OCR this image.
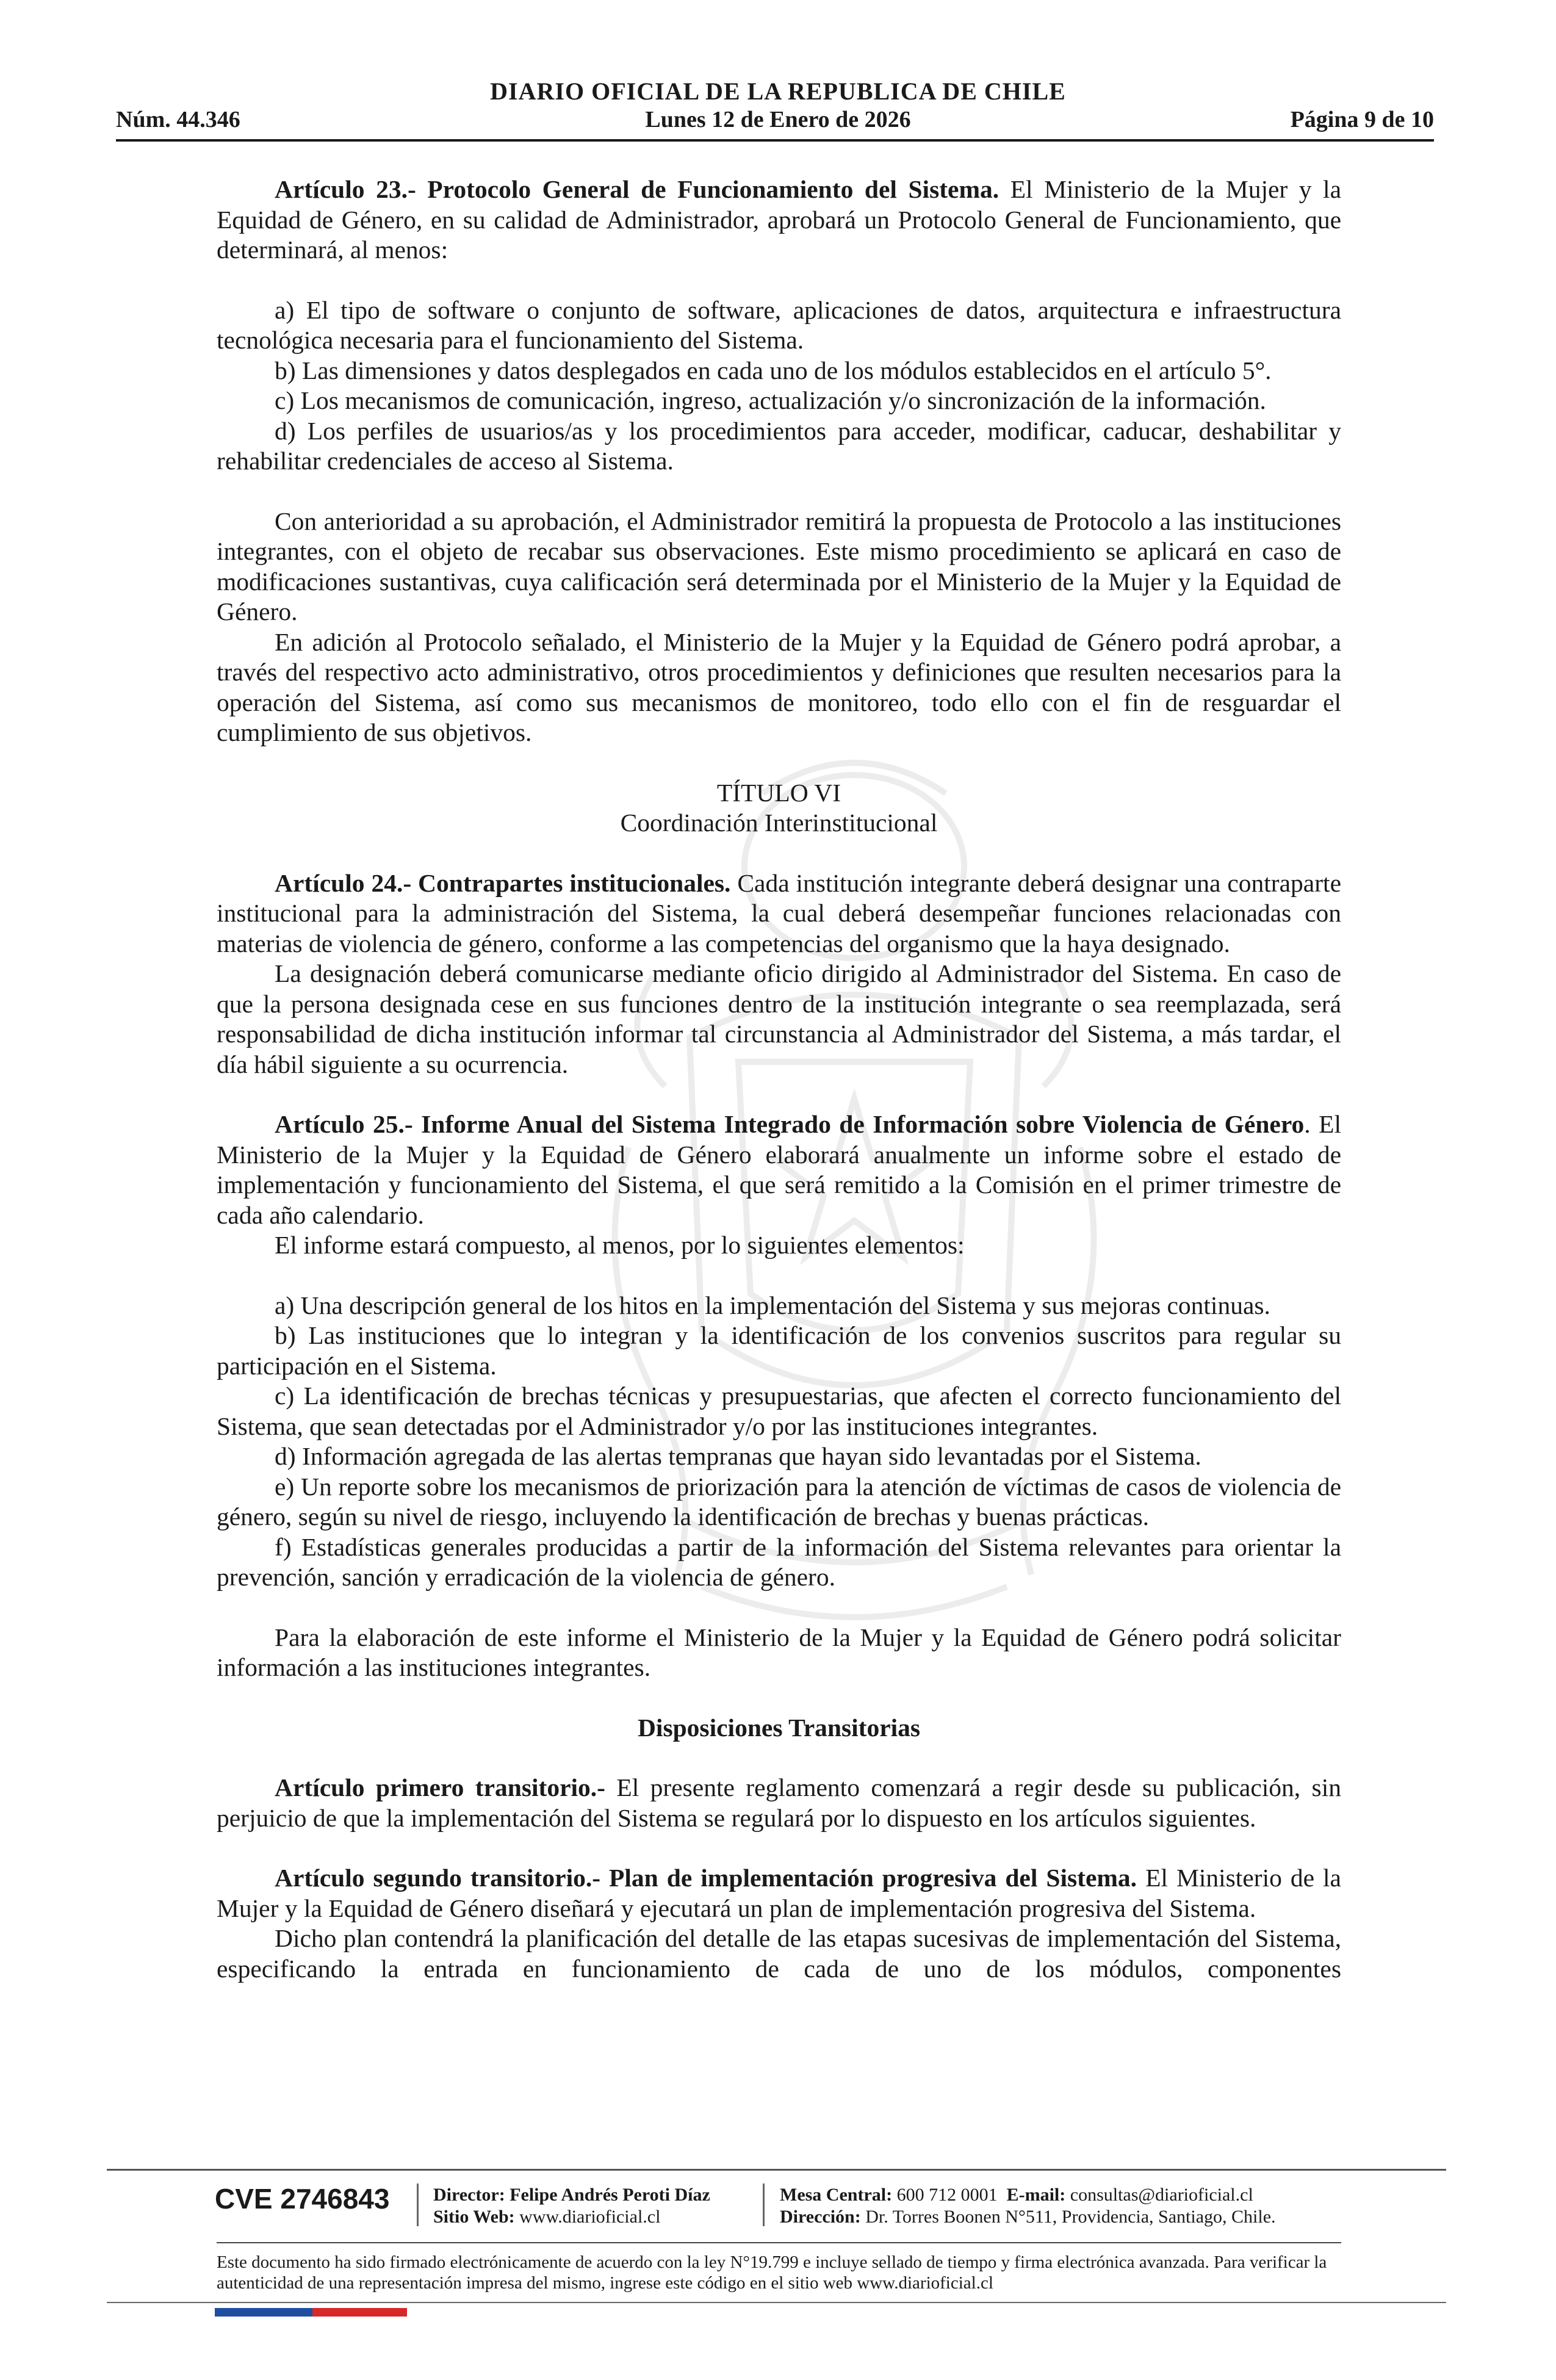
DIARIO OFICIAL DE LA REPUBLICA DE CHILE
Núm. 44.346	Lunes 12 de Enero de 2026	Página 9 de 10

Artículo 23.- Protocolo General de Funcionamiento del Sistema. El Ministerio de la Mujer y la Equidad de Género, en su calidad de Administrador, aprobará un Protocolo General de Funcionamiento, que determinará, al menos:

a) El tipo de software o conjunto de software, aplicaciones de datos, arquitectura e infraestructura tecnológica necesaria para el funcionamiento del Sistema.

b) Las dimensiones y datos desplegados en cada uno de los módulos establecidos en el artículo 5°.

c) Los mecanismos de comunicación, ingreso, actualización y/o sincronización de la información.

d) Los perfiles de usuarios/as y los procedimientos para acceder, modificar, caducar, deshabilitar y rehabilitar credenciales de acceso al Sistema.

Con anterioridad a su aprobación, el Administrador remitirá la propuesta de Protocolo a las instituciones integrantes, con el objeto de recabar sus observaciones. Este mismo procedimiento se aplicará en caso de modificaciones sustantivas, cuya calificación será determinada por el Ministerio de la Mujer y la Equidad de Género.

En adición al Protocolo señalado, el Ministerio de la Mujer y la Equidad de Género podrá aprobar, a través del respectivo acto administrativo, otros procedimientos y definiciones que resulten necesarios para la operación del Sistema, así como sus mecanismos de monitoreo, todo ello con el fin de resguardar el cumplimiento de sus objetivos.

TÍTULO VI

Coordinación Interinstitucional

Artículo 24.- Contrapartes institucionales. Cada institución integrante deberá designar una contraparte institucional para la administración del Sistema, la cual deberá desempeñar funciones relacionadas con materias de violencia de género, conforme a las competencias del organismo que la haya designado.

La designación deberá comunicarse mediante oficio dirigido al Administrador del Sistema. En caso de que la persona designada cese en sus funciones dentro de la institución integrante o sea reemplazada, será responsabilidad de dicha institución informar tal circunstancia al Administrador del Sistema, a más tardar, el día hábil siguiente a su ocurrencia.

Artículo 25.- Informe Anual del Sistema Integrado de Información sobre Violencia de Género. El Ministerio de la Mujer y la Equidad de Género elaborará anualmente un informe sobre el estado de implementación y funcionamiento del Sistema, el que será remitido a la Comisión en el primer trimestre de cada año calendario.

El informe estará compuesto, al menos, por lo siguientes elementos:

a) Una descripción general de los hitos en la implementación del Sistema y sus mejoras continuas.

b) Las instituciones que lo integran y la identificación de los convenios suscritos para regular su participación en el Sistema.

c) La identificación de brechas técnicas y presupuestarias, que afecten el correcto funcionamiento del Sistema, que sean detectadas por el Administrador y/o por las instituciones integrantes.

d) Información agregada de las alertas tempranas que hayan sido levantadas por el Sistema.

e) Un reporte sobre los mecanismos de priorización para la atención de víctimas de casos de violencia de género, según su nivel de riesgo, incluyendo la identificación de brechas y buenas prácticas.

f) Estadísticas generales producidas a partir de la información del Sistema relevantes para orientar la prevención, sanción y erradicación de la violencia de género.

Para la elaboración de este informe el Ministerio de la Mujer y la Equidad de Género podrá solicitar información a las instituciones integrantes.

Disposiciones Transitorias

Artículo primero transitorio.- El presente reglamento comenzará a regir desde su publicación, sin perjuicio de que la implementación del Sistema se regulará por lo dispuesto en los artículos siguientes.

Artículo segundo transitorio.- Plan de implementación progresiva del Sistema. El Ministerio de la Mujer y la Equidad de Género diseñará y ejecutará un plan de implementación progresiva del Sistema.

Dicho plan contendrá la planificación del detalle de las etapas sucesivas de implementación del Sistema, especificando la entrada en funcionamiento de cada de uno de los módulos, componentes

CVE 2746843 Director: Felipe Andrés Peroti Díaz
Sitio Web: www.diarioficial.cl
Mesa Central: 600 712 0001 E-mail: consultas@diarioficial.cl
Dirección: Dr. Torres Boonen N°511, Providencia, Santiago, Chile.
Este documento ha sido firmado electrónicamente de acuerdo con la ley N°19.799 e incluye sellado de tiempo y firma electrónica avanzada. Para verificar la autenticidad de una representación impresa del mismo, ingrese este código en el sitio web www.diarioficial.cl
